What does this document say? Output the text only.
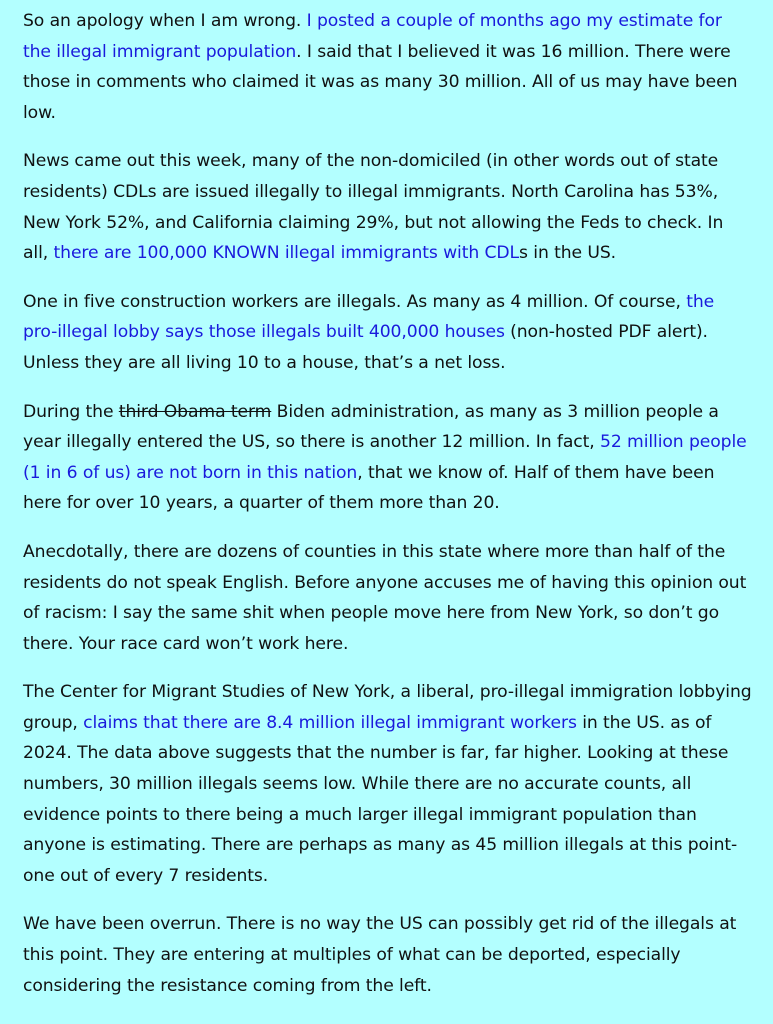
So an apology when I am wrong. I posted a couple of months ago my estimate for the illegal immigrant population. I said that I believed it was 16 million. There were those in comments who claimed it was as many 30 million. All of us may have been low.

News came out this week, many of the non-domiciled (in other words out of state residents) CDLs are issued illegally to illegal immigrants. North Carolina has 53%, New York 52%, and California claiming 29%, but not allowing the Feds to check. In all, there are 100,000 KNOWN illegal immigrants with CDLs in the US.

One in five construction workers are illegals. As many as 4 million. Of course, the pro-illegal lobby says those illegals built 400,000 houses (non-hosted PDF alert). Unless they are all living 10 to a house, that’s a net loss.

During the third Obama term Biden administration, as many as 3 million people a year illegally entered the US, so there is another 12 million. In fact, 52 million people (1 in 6 of us) are not born in this nation, that we know of. Half of them have been here for over 10 years, a quarter of them more than 20.

Anecdotally, there are dozens of counties in this state where more than half of the residents do not speak English. Before anyone accuses me of having this opinion out of racism: I say the same shit when people move here from New York, so don’t go there. Your race card won’t work here.

The Center for Migrant Studies of New York, a liberal, pro-illegal immigration lobbying group, claims that there are 8.4 million illegal immigrant workers in the US. as of 2024. The data above suggests that the number is far, far higher. Looking at these numbers, 30 million illegals seems low. While there are no accurate counts, all evidence points to there being a much larger illegal immigrant population than anyone is estimating. There are perhaps as many as 45 million illegals at this point- one out of every 7 residents.

We have been overrun. There is no way the US can possibly get rid of the illegals at this point. They are entering at multiples of what can be deported, especially considering the resistance coming from the left.
